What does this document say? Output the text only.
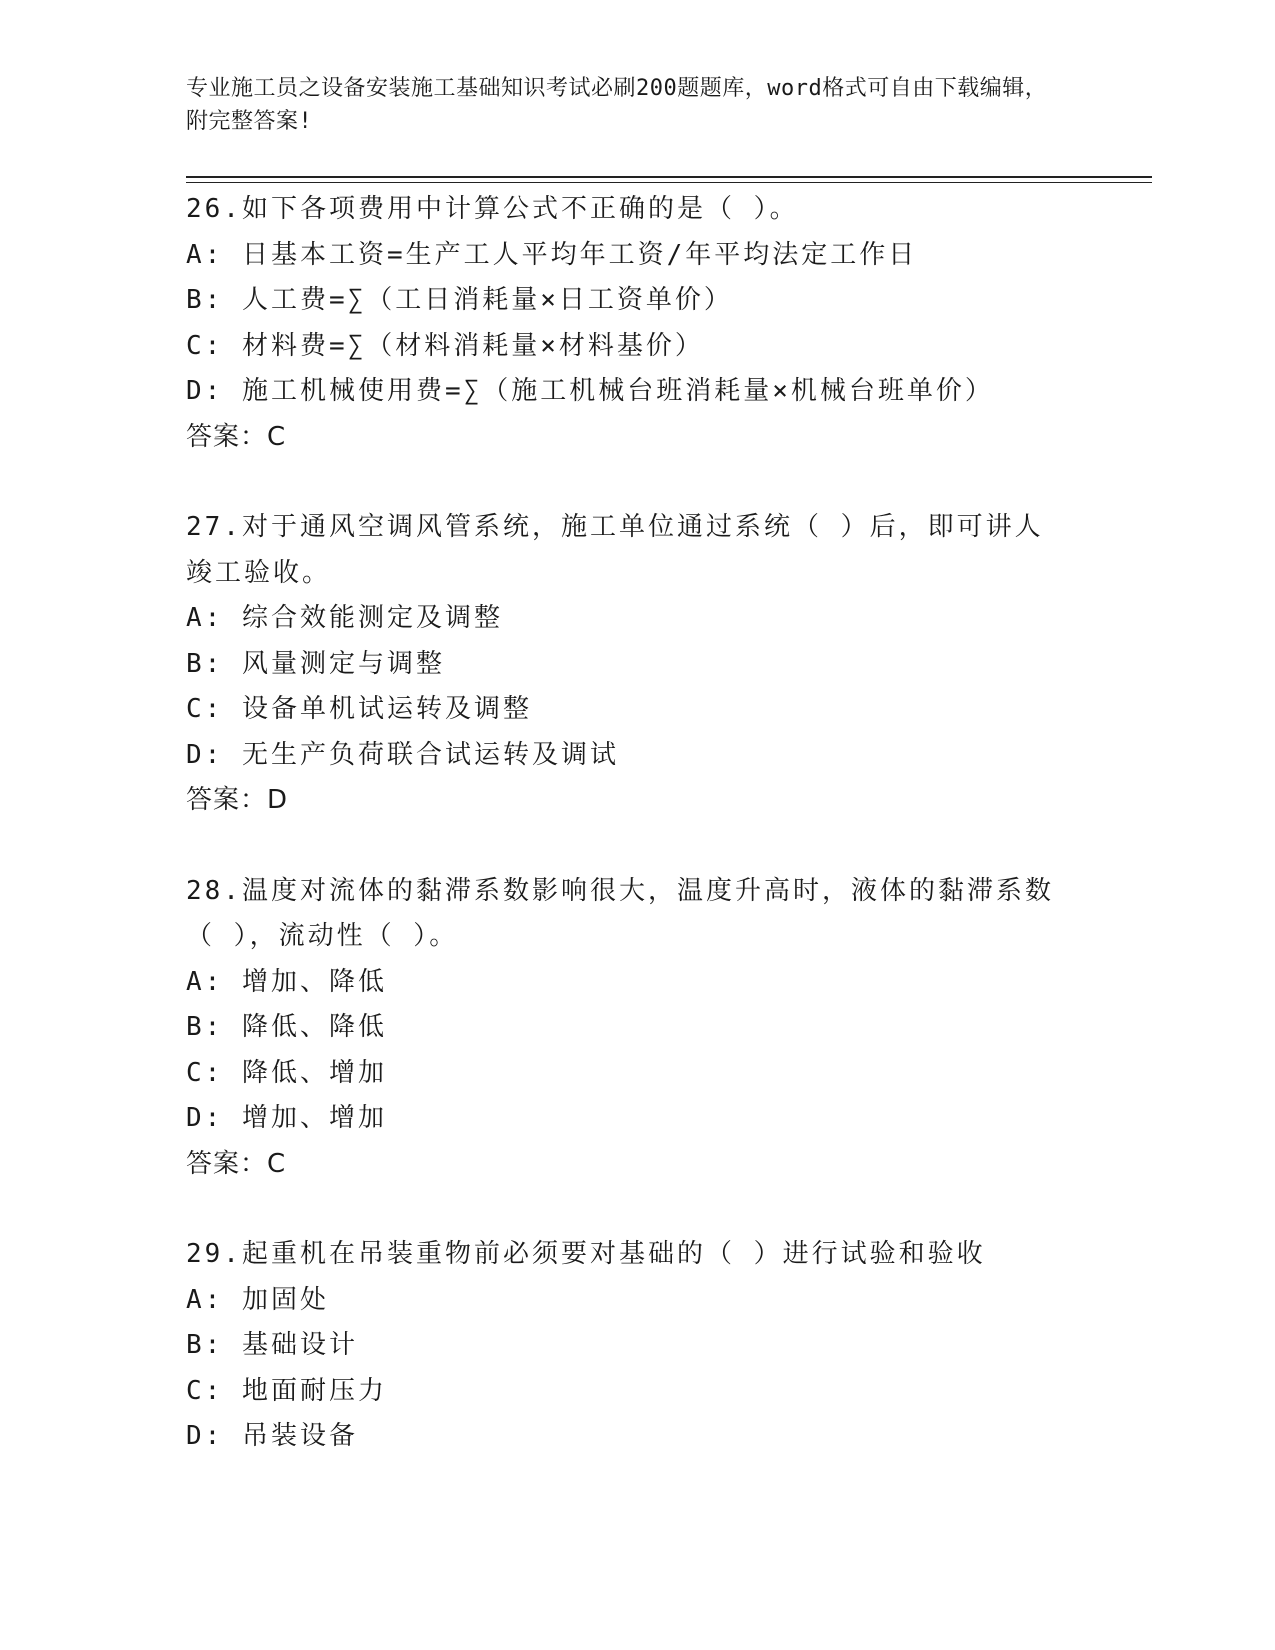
专业施工员之设备安装施工基础知识考试必刷200题题库，word格式可自由下载编辑，附完整答案!
26.如下各项费用中计算公式不正确的是（ ）。
A: 日基本工资=生产工人平均年工资/年平均法定工作日
B: 人工费=∑（工日消耗量×日工资单价）
C: 材料费=∑（材料消耗量×材料基价）
D: 施工机械使用费=∑（施工机械台班消耗量×机械台班单价）
答案：C
27.对于通风空调风管系统，施工单位通过系统（ ）后，即可讲人竣工验收。
A: 综合效能测定及调整
B: 风量测定与调整
C: 设备单机试运转及调整
D: 无生产负荷联合试运转及调试
答案：D
28.温度对流体的黏滞系数影响很大，温度升高时，液体的黏滞系数（ ），流动性（ ）。
A: 增加、降低
B: 降低、降低
C: 降低、增加
D: 增加、增加
答案：C
29.起重机在吊装重物前必须要对基础的（ ）进行试验和验收
A: 加固处
B: 基础设计
C: 地面耐压力
D: 吊装设备
